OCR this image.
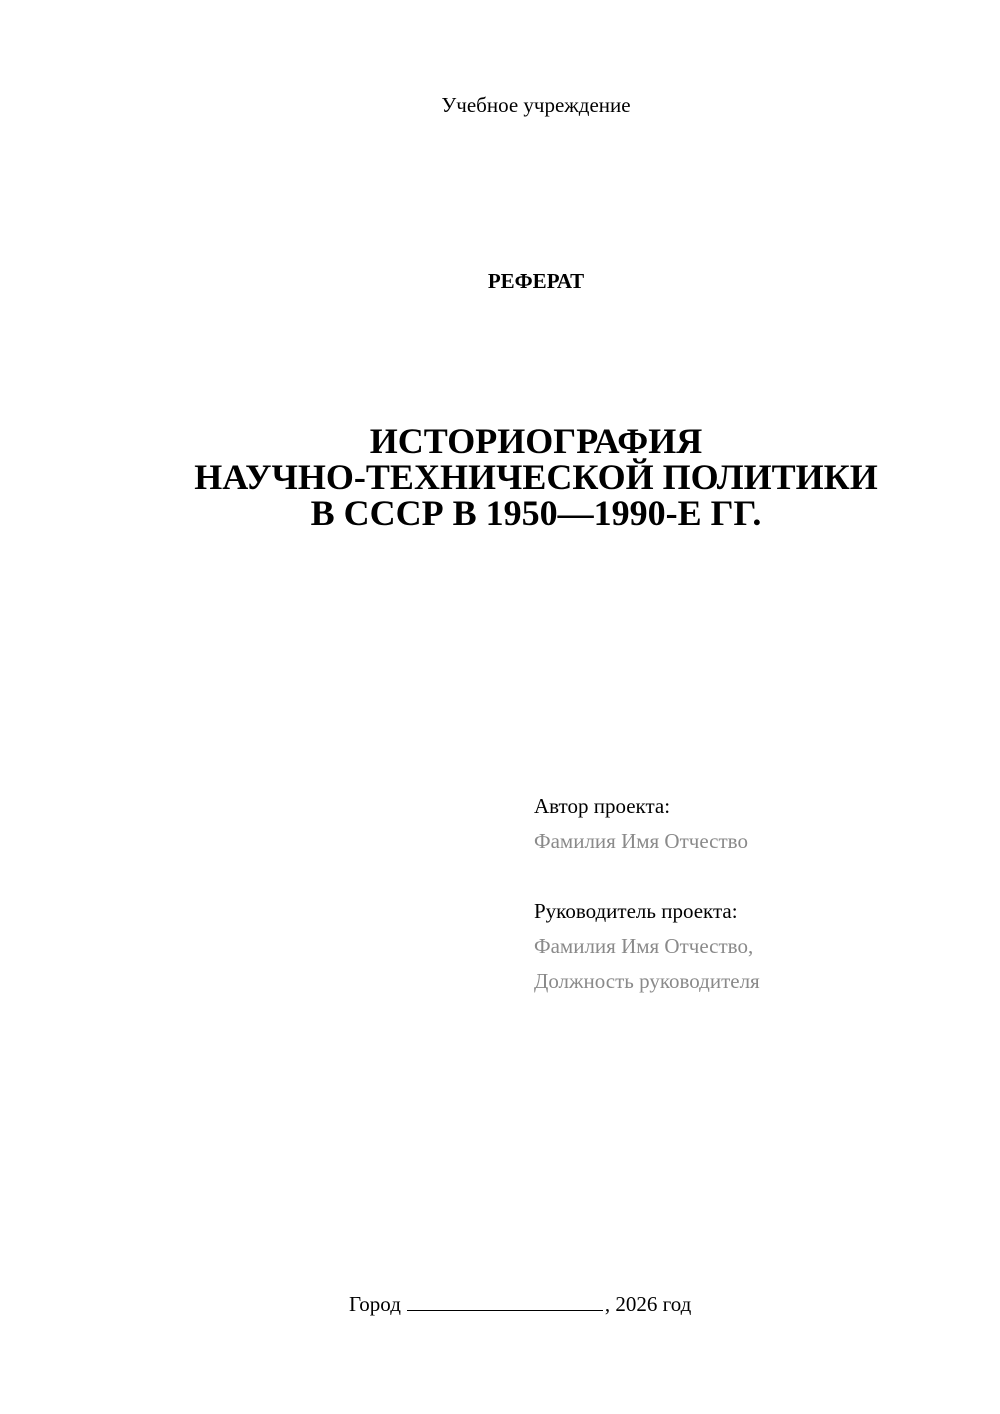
Учебное учреждение
РЕФЕРАТ
ИСТОРИОГРАФИЯ
НАУЧНО-ТЕХНИЧЕСКОЙ ПОЛИТИКИ
В СССР В 1950—1990-Е ГГ.
Автор проекта:
Фамилия Имя Отчество
Руководитель проекта:
Фамилия Имя Отчество,
Должность руководителя
Город	, 2026 год
